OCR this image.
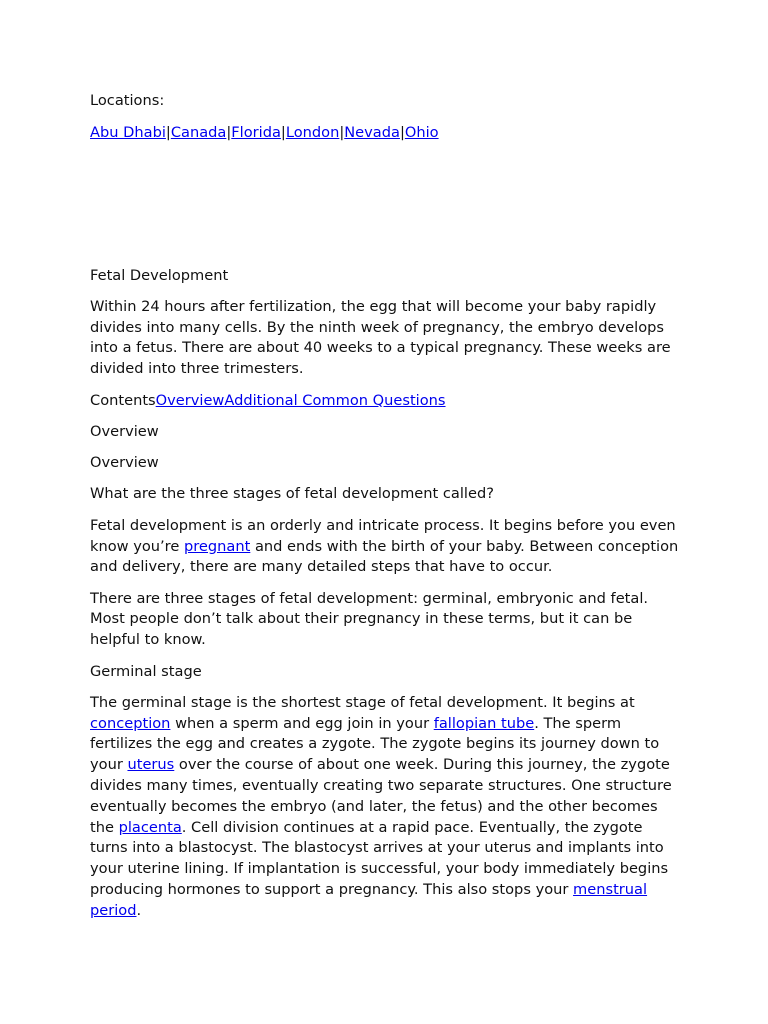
Locations:

Abu Dhabi|Canada|Florida|London|Nevada|Ohio

Fetal Development

Within 24 hours after fertilization, the egg that will become your baby rapidly divides into many cells. By the ninth week of pregnancy, the embryo develops into a fetus. There are about 40 weeks to a typical pregnancy. These weeks are divided into three trimesters.

ContentsOverviewAdditional Common Questions

Overview

Overview

What are the three stages of fetal development called?

Fetal development is an orderly and intricate process. It begins before you even know you’re pregnant and ends with the birth of your baby. Between conception and delivery, there are many detailed steps that have to occur.

There are three stages of fetal development: germinal, embryonic and fetal. Most people don’t talk about their pregnancy in these terms, but it can be helpful to know.

Germinal stage

The germinal stage is the shortest stage of fetal development. It begins at conception when a sperm and egg join in your fallopian tube. The sperm fertilizes the egg and creates a zygote. The zygote begins its journey down to your uterus over the course of about one week. During this journey, the zygote divides many times, eventually creating two separate structures. One structure eventually becomes the embryo (and later, the fetus) and the other becomes the placenta. Cell division continues at a rapid pace. Eventually, the zygote turns into a blastocyst. The blastocyst arrives at your uterus and implants into your uterine lining. If implantation is successful, your body immediately begins producing hormones to support a pregnancy. This also stops your menstrual period.
